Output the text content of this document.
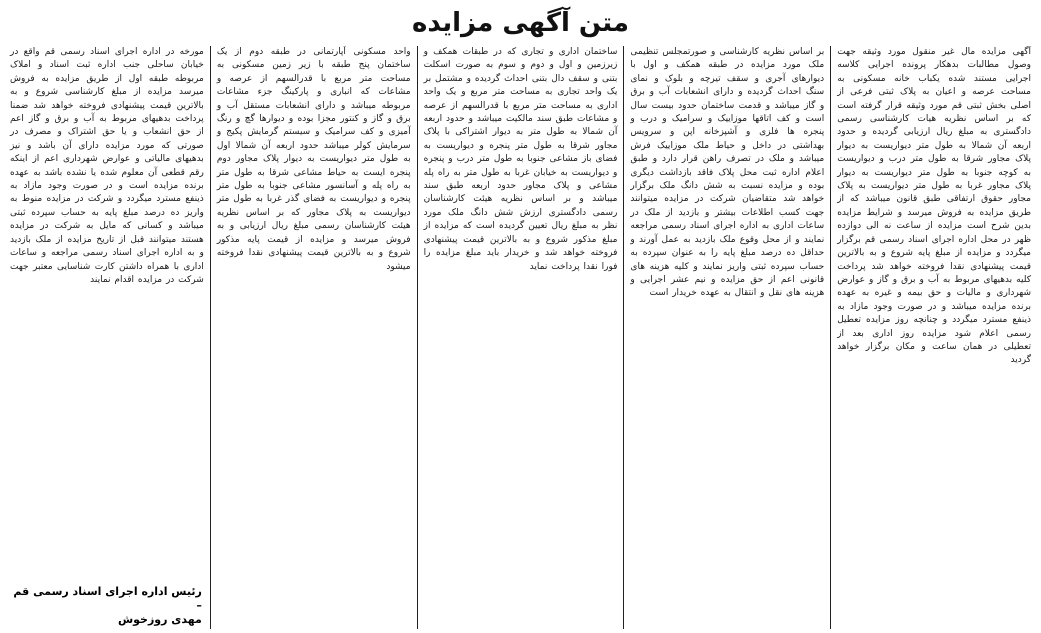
متن آگهی مزایده
آگهی مزایده مال غیر منقول مورد وثیقه جهت وصول مطالبات بدهکار پرونده اجرایی کلاسه اجرایی مستند شده یکباب خانه مسکونی به مساحت عرصه و اعیان به پلاک ثبتی فرعی از اصلی بخش ثبتی قم مورد وثیقه قرار گرفته است که بر اساس نظریه هیات کارشناسی رسمی دادگستری به مبلغ ریال ارزیابی گردیده و حدود اربعه آن شمالا به طول متر دیواریست به دیوار پلاک مجاور شرقا به طول متر درب و دیواریست به کوچه جنوبا به طول متر دیواریست به دیوار پلاک مجاور غربا به طول متر دیواریست به پلاک مجاور حقوق ارتفاقی طبق قانون میباشد که از طریق مزایده به فروش میرسد و شرایط مزایده بدین شرح است مزایده از ساعت نه الی دوازده ظهر در محل اداره اجرای اسناد رسمی قم برگزار میگردد و مزایده از مبلغ پایه شروع و به بالاترین قیمت پیشنهادی نقدا فروخته خواهد شد پرداخت کلیه بدهیهای مربوط به آب و برق و گاز و عوارض شهرداری و مالیات و حق بیمه و غیره به عهده برنده مزایده میباشد و در صورت وجود مازاد به ذینفع مسترد میگردد و چنانچه روز مزایده تعطیل رسمی اعلام شود مزایده روز اداری بعد از تعطیلی در همان ساعت و مکان برگزار خواهد گردید
بر اساس نظریه کارشناسی و صورتمجلس تنظیمی ملک مورد مزایده در طبقه همکف و اول با دیوارهای آجری و سقف تیرچه و بلوک و نمای سنگ احداث گردیده و دارای انشعابات آب و برق و گاز میباشد و قدمت ساختمان حدود بیست سال است و کف اتاقها موزاییک و سرامیک و درب و پنجره ها فلزی و آشپزخانه اپن و سرویس بهداشتی در داخل و حیاط ملک موزاییک فرش میباشد و ملک در تصرف راهن قرار دارد و طبق اعلام اداره ثبت محل پلاک فاقد بازداشت دیگری بوده و مزایده نسبت به شش دانگ ملک برگزار خواهد شد متقاضیان شرکت در مزایده میتوانند جهت کسب اطلاعات بیشتر و بازدید از ملک در ساعات اداری به اداره اجرای اسناد رسمی مراجعه نمایند و از محل وقوع ملک بازدید به عمل آورند و حداقل ده درصد مبلغ پایه را به عنوان سپرده به حساب سپرده ثبتی واریز نمایند و کلیه هزینه های قانونی اعم از حق مزایده و نیم عشر اجرایی و هزینه های نقل و انتقال به عهده خریدار است
ساختمان اداری و تجاری که در طبقات همکف و زیرزمین و اول و دوم و سوم به صورت اسکلت بتنی و سقف دال بتنی احداث گردیده و مشتمل بر یک واحد تجاری به مساحت متر مربع و یک واحد اداری به مساحت متر مربع با قدرالسهم از عرصه و مشاعات طبق سند مالکیت میباشد و حدود اربعه آن شمالا به طول متر به دیوار اشتراکی با پلاک مجاور شرقا به طول متر پنجره و دیواریست به فضای باز مشاعی جنوبا به طول متر درب و پنجره و دیواریست به خیابان غربا به طول متر به راه پله مشاعی و پلاک مجاور حدود اربعه طبق سند میباشد و بر اساس نظریه هیئت کارشناسان رسمی دادگستری ارزش شش دانگ ملک مورد نظر به مبلغ ریال تعیین گردیده است که مزایده از مبلغ مذکور شروع و به بالاترین قیمت پیشنهادی فروخته خواهد شد و خریدار باید مبلغ مزایده را فورا نقدا پرداخت نماید
واحد مسکونی آپارتمانی در طبقه دوم از یک ساختمان پنج طبقه با زیر زمین مسکونی به مساحت متر مربع با قدرالسهم از عرصه و مشاعات که انباری و پارکینگ جزء مشاعات مربوطه میباشد و دارای انشعابات مستقل آب و برق و گاز و کنتور مجزا بوده و دیوارها گچ و رنگ آمیزی و کف سرامیک و سیستم گرمایش پکیج و سرمایش کولر میباشد حدود اربعه آن شمالا اول به طول متر دیواریست به دیوار پلاک مجاور دوم پنجره ایست به حیاط مشاعی شرقا به طول متر به راه پله و آسانسور مشاعی جنوبا به طول متر پنجره و دیواریست به فضای گذر غربا به طول متر دیواریست به پلاک مجاور که بر اساس نظریه هیئت کارشناسان رسمی مبلغ ریال ارزیابی و به فروش میرسد و مزایده از قیمت پایه مذکور شروع و به بالاترین قیمت پیشنهادی نقدا فروخته میشود
مورخه در اداره اجرای اسناد رسمی قم واقع در خیابان ساحلی جنب اداره ثبت اسناد و املاک مربوطه طبقه اول از طریق مزایده به فروش میرسد مزایده از مبلغ کارشناسی شروع و به بالاترین قیمت پیشنهادی فروخته خواهد شد ضمنا پرداخت بدهیهای مربوط به آب و برق و گاز اعم از حق انشعاب و یا حق اشتراک و مصرف در صورتی که مورد مزایده دارای آن باشد و نیز بدهیهای مالیاتی و عوارض شهرداری اعم از اینکه رقم قطعی آن معلوم شده یا نشده باشد به عهده برنده مزایده است و در صورت وجود مازاد به ذینفع مسترد میگردد و شرکت در مزایده منوط به واریز ده درصد مبلغ پایه به حساب سپرده ثبتی میباشد و کسانی که مایل به شرکت در مزایده هستند میتوانند قبل از تاریخ مزایده از ملک بازدید و به اداره اجرای اسناد رسمی مراجعه و ساعات اداری با همراه داشتن کارت شناسایی معتبر جهت شرکت در مزایده اقدام نمایند
رئیس اداره اجرای اسناد رسمی قم –
مهدی روزخوش
